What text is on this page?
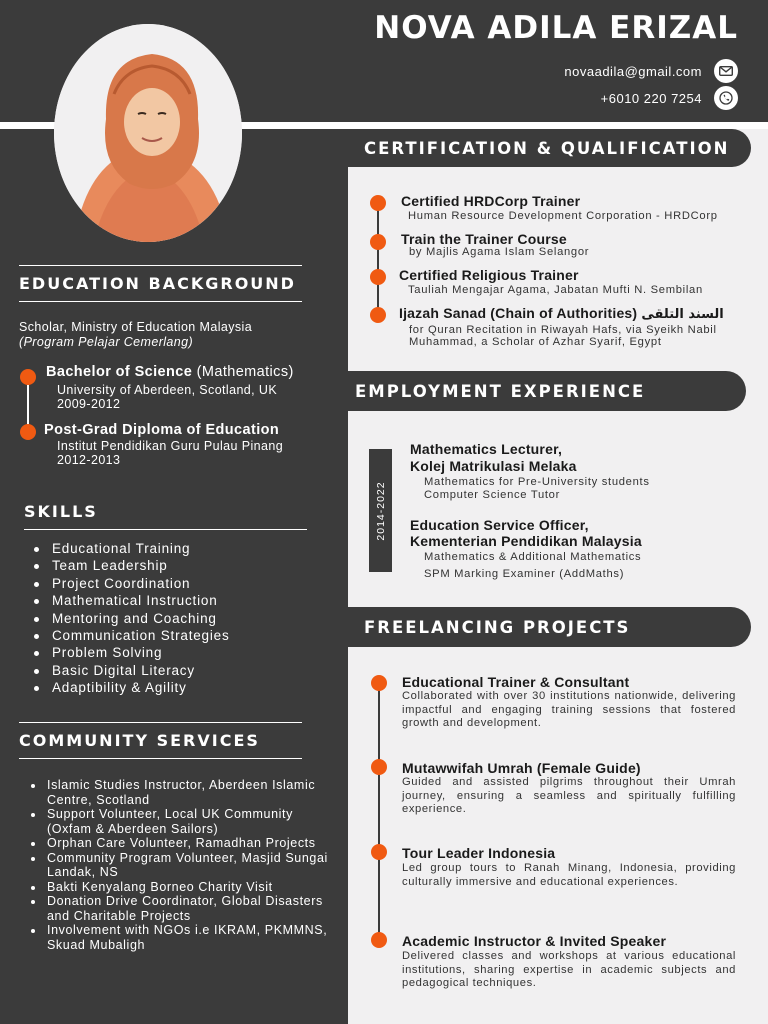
NOVA ADILA ERIZAL
novaadila@gmail.com
+6010 220 7254
EDUCATION BACKGROUND
Scholar, Ministry of Education Malaysia
(Program Pelajar Cemerlang)
Bachelor of Science (Mathematics)
University of Aberdeen, Scotland, UK
2009-2012
Post-Grad Diploma of Education
Institut Pendidikan Guru Pulau Pinang
2012-2013
SKILLS
Educational Training
Team Leadership
Project Coordination
Mathematical Instruction
Mentoring and Coaching
Communication Strategies
Problem Solving
Basic Digital Literacy
Adaptibility & Agility
COMMUNITY SERVICES
Islamic Studies Instructor, Aberdeen Islamic Centre, Scotland
Support Volunteer, Local UK Community (Oxfam & Aberdeen Sailors)
Orphan Care Volunteer, Ramadhan Projects
Community Program Volunteer, Masjid Sungai Landak, NS
Bakti Kenyalang Borneo Charity Visit
Donation Drive Coordinator, Global Disasters and Charitable Projects
Involvement with NGOs i.e IKRAM, PKMMNS, Skuad Mubaligh
CERTIFICATION & QUALIFICATION
Certified HRDCorp Trainer
Human Resource Development Corporation - HRDCorp
Train the Trainer Course
by Majlis Agama Islam Selangor
Certified Religious Trainer
Tauliah Mengajar Agama, Jabatan Mufti N. Sembilan
Ijazah Sanad (Chain of Authorities) السند التلقى
for Quran Recitation in Riwayah Hafs, via Syeikh Nabil
Muhammad, a Scholar of Azhar Syarif, Egypt
EMPLOYMENT EXPERIENCE
2014-2022
Mathematics Lecturer,
Kolej Matrikulasi Melaka
Mathematics for Pre-University students
Computer Science Tutor
Education Service Officer,
Kementerian Pendidikan Malaysia
Mathematics & Additional Mathematics
SPM Marking Examiner (AddMaths)
FREELANCING PROJECTS
Educational Trainer & Consultant
Collaborated with over 30 institutions nationwide, delivering impactful and engaging training sessions that fostered growth and development.
Mutawwifah Umrah (Female Guide)
Guided and assisted pilgrims throughout their Umrah journey, ensuring a seamless and spiritually fulfilling experience.
Tour Leader Indonesia
Led group tours to Ranah Minang, Indonesia, providing culturally immersive and educational experiences.
Academic Instructor & Invited Speaker
Delivered classes and workshops at various educational institutions, sharing expertise in academic subjects and pedagogical techniques.
